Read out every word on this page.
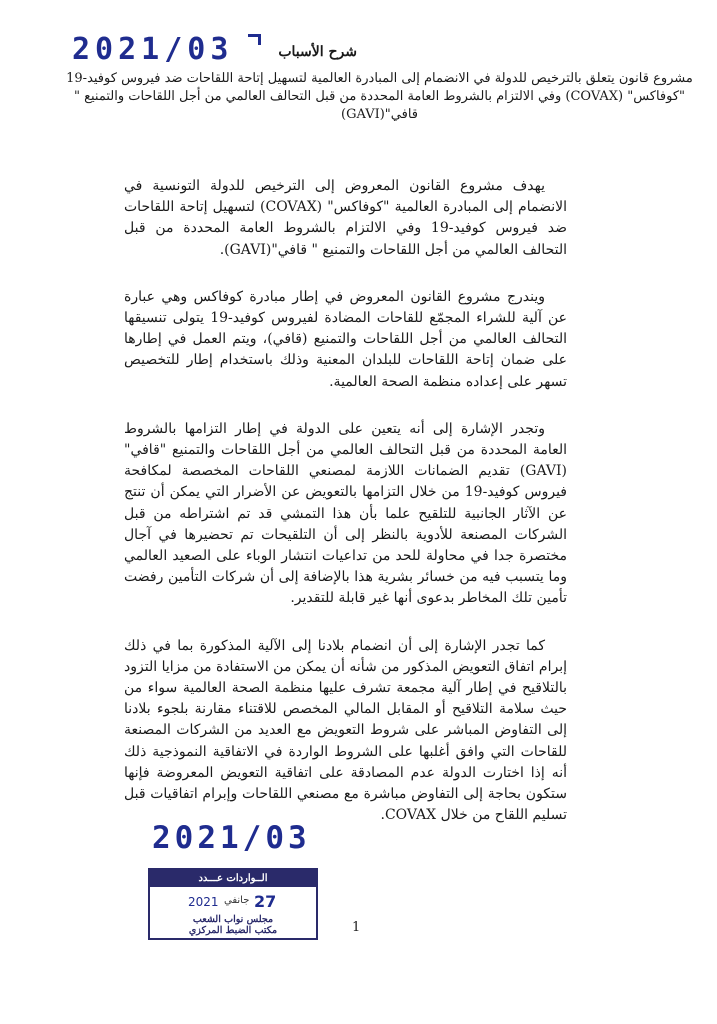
2021/03	شرح الأسباب
مشروع قانون يتعلق بالترخيص للدولة في الانضمام إلى المبادرة العالمية لتسهيل إتاحة اللقاحات ضد فيروس كوفيد-19 "كوفاكس" (COVAX) وفي الالتزام بالشروط العامة المحددة من قبل التحالف العالمي من أجل اللقاحات والتمنيع " قافي"(GAVI)

يهدف مشروع القانون المعروض إلى الترخيص للدولة التونسية في الانضمام إلى المبادرة العالمية "كوفاكس" (COVAX) لتسهيل إتاحة اللقاحات ضد فيروس كوفيد-19 وفي الالتزام بالشروط العامة المحددة من قبل التحالف العالمي من أجل اللقاحات والتمنيع " قافي"(GAVI).

ويندرج مشروع القانون المعروض في إطار مبادرة كوفاكس وهي عبارة عن آلية للشراء المجمّع للقاحات المضادة لفيروس كوفيد-19 يتولى تنسيقها التحالف العالمي من أجل اللقاحات والتمنيع (قافي)، ويتم العمل في إطارها على ضمان إتاحة اللقاحات للبلدان المعنية وذلك باستخدام إطار للتخصيص تسهر على إعداده منظمة الصحة العالمية.

وتجدر الإشارة إلى أنه يتعين على الدولة في إطار التزامها بالشروط العامة المحددة من قبل التحالف العالمي من أجل اللقاحات والتمنيع "قافي"(GAVI) تقديم الضمانات اللازمة لمصنعي اللقاحات المخصصة لمكافحة فيروس كوفيد-19 من خلال التزامها بالتعويض عن الأضرار التي يمكن أن تنتج عن الآثار الجانبية للتلقيح علما بأن هذا التمشي قد تم اشتراطه من قبل الشركات المصنعة للأدوية بالنظر إلى أن التلقيحات تم تحضيرها في آجال مختصرة جدا في محاولة للحد من تداعيات انتشار الوباء على الصعيد العالمي وما يتسبب فيه من خسائر بشرية هذا بالإضافة إلى أن شركات التأمين رفضت تأمين تلك المخاطر بدعوى أنها غير قابلة للتقدير.

كما تجدر الإشارة إلى أن انضمام بلادنا إلى الآلية المذكورة بما في ذلك إبرام اتفاق التعويض المذكور من شأنه أن يمكن من الاستفادة من مزايا التزود بالتلاقيح في إطار آلية مجمعة تشرف عليها منظمة الصحة العالمية سواء من حيث سلامة التلاقيح أو المقابل المالي المخصص للاقتناء مقارنة بلجوء بلادنا إلى التفاوض المباشر على شروط التعويض مع العديد من الشركات المصنعة للقاحات التي وافق أغلبها على الشروط الواردة في الاتفاقية النموذجية ذلك أنه إذا اختارت الدولة عدم المصادقة على اتفاقية التعويض المعروضة فإنها ستكون بحاجة إلى التفاوض مباشرة مع مصنعي اللقاحات وإبرام اتفاقيات قبل تسليم اللقاح من خلال COVAX.

2021/03
الــواردات عـــدد
2021 جانفي 27
مجلس نواب الشعب
مكتب الضبط المركزي	1
